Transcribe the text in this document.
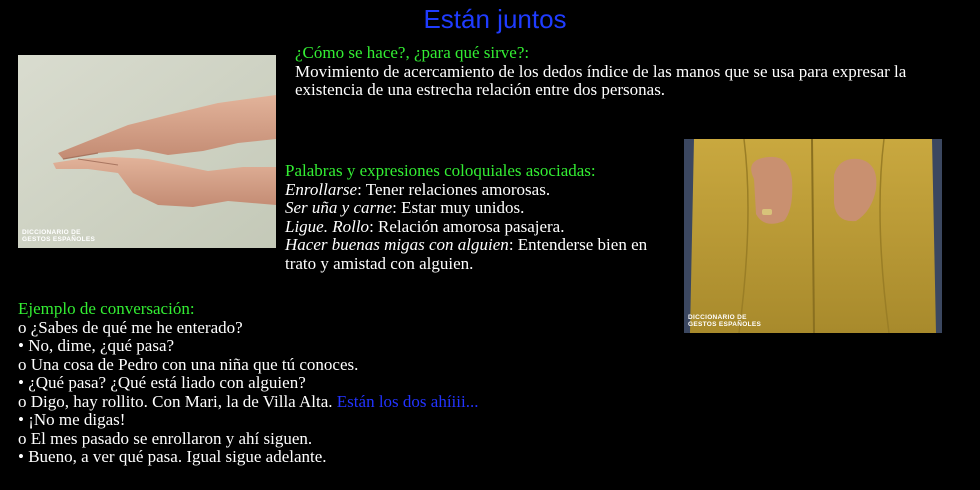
Están juntos
DICCIONARIO DE
GESTOS ESPAÑOLES
¿Cómo se hace?, ¿para qué sirve?:
Movimiento de acercamiento de los dedos índice de las manos que se usa para expresar la existencia de una estrecha relación entre dos personas.
DICCIONARIO DE
GESTOS ESPAÑOLES
Palabras y expresiones coloquiales asociadas:
Enrollarse: Tener relaciones amorosas.
Ser uña y carne: Estar muy unidos.
Ligue. Rollo: Relación amorosa pasajera.
Hacer buenas migas con alguien: Entenderse bien en trato y amistad con alguien.
Ejemplo de conversación:
o ¿Sabes de qué me he enterado?
• No, dime, ¿qué pasa?
o Una cosa de Pedro con una niña que tú conoces.
• ¿Qué pasa? ¿Qué está liado con alguien?
o Digo, hay rollito. Con Mari, la de Villa Alta. Están los dos ahíiii...
• ¡No me digas!
o El mes pasado se enrollaron y ahí siguen.
• Bueno, a ver qué pasa. Igual sigue adelante.
